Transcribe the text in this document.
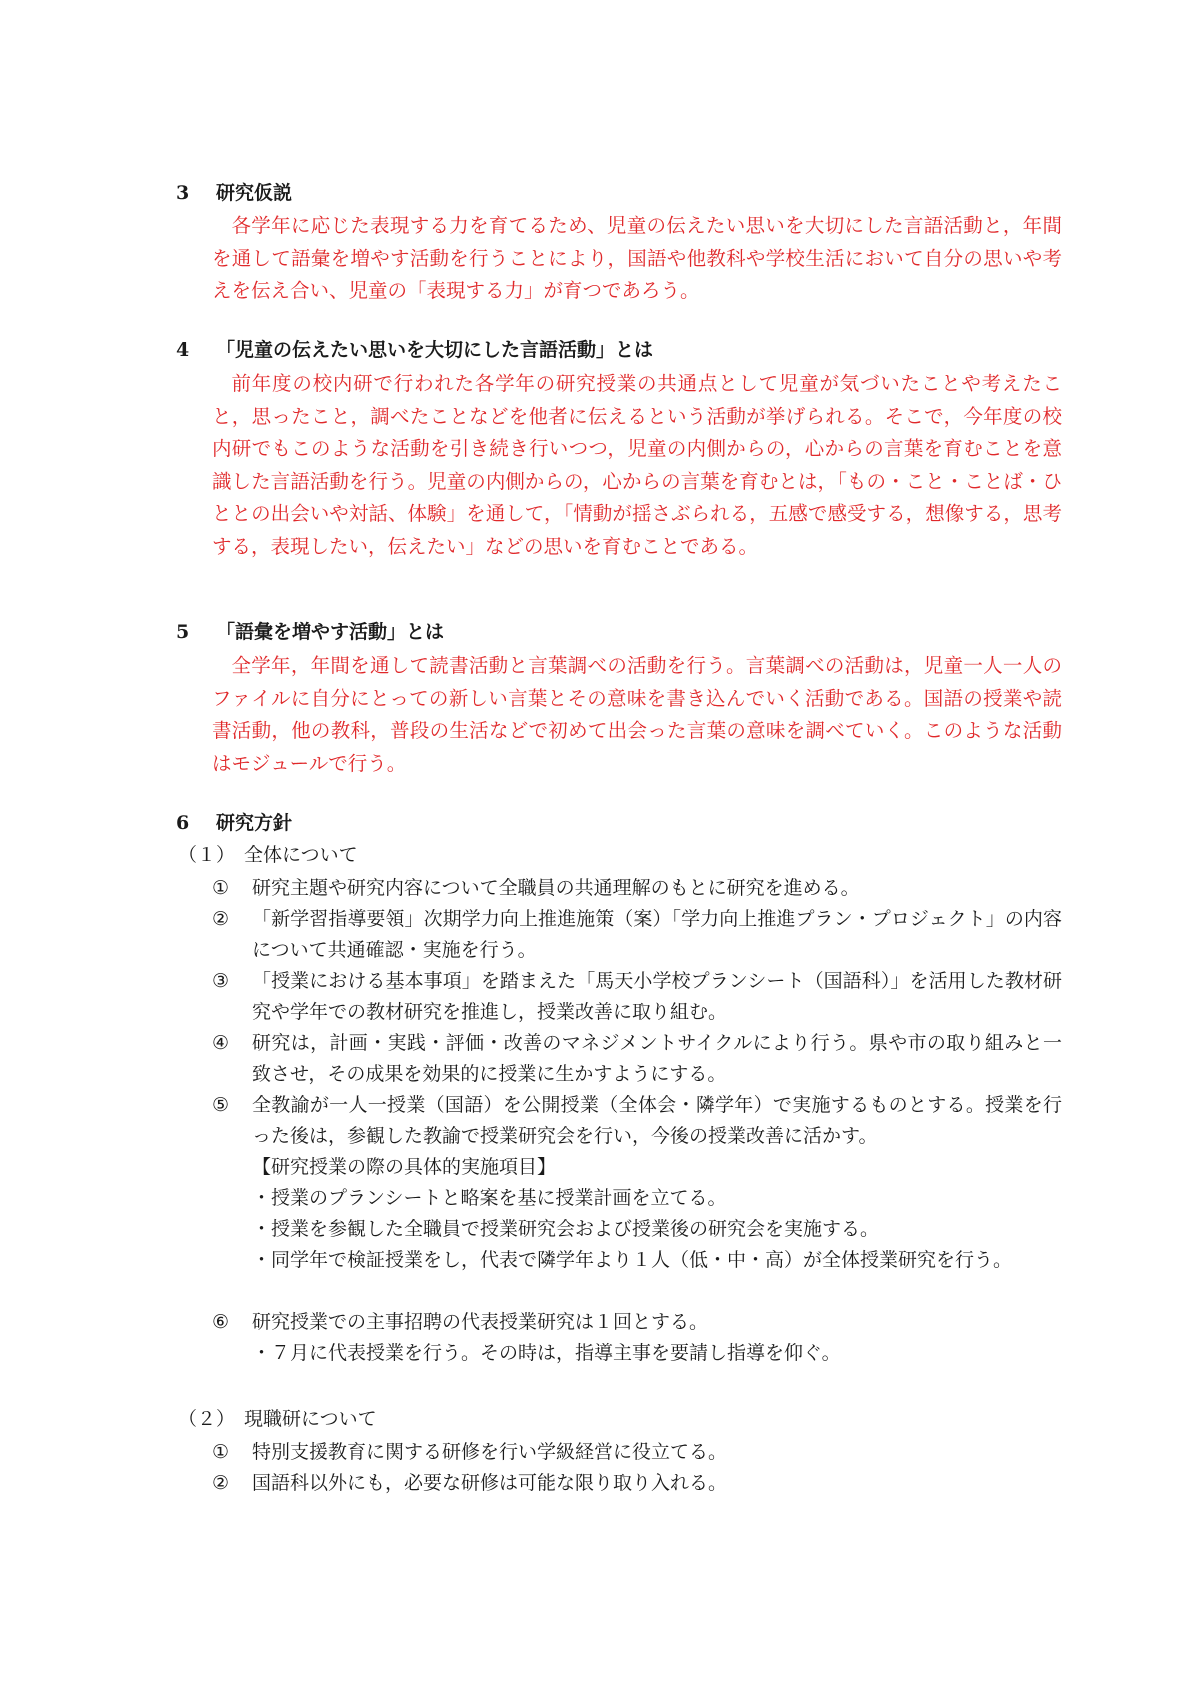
3 研究仮説
各学年に応じた表現する力を育てるため、児童の伝えたい思いを大切にした言語活動と，年間を通して語彙を増やす活動を行うことにより，国語や他教科や学校生活において自分の思いや考えを伝え合い、児童の「表現する力」が育つであろう。
4 「児童の伝えたい思いを大切にした言語活動」とは
前年度の校内研で行われた各学年の研究授業の共通点として児童が気づいたことや考えたこと，思ったこと，調べたことなどを他者に伝えるという活動が挙げられる。そこで，今年度の校内研でもこのような活動を引き続き行いつつ，児童の内側からの，心からの言葉を育むことを意識した言語活動を行う。児童の内側からの，心からの言葉を育むとは，「もの・こと・ことば・ひととの出会いや対話、体験」を通して，「情動が揺さぶられる，五感で感受する，想像する，思考する，表現したい，伝えたい」などの思いを育むことである。
5 「語彙を増やす活動」とは
全学年，年間を通して読書活動と言葉調べの活動を行う。言葉調べの活動は，児童一人一人のファイルに自分にとっての新しい言葉とその意味を書き込んでいく活動である。国語の授業や読書活動，他の教科，普段の生活などで初めて出会った言葉の意味を調べていく。このような活動はモジュールで行う。
6 研究方針
（１） 全体について
①	研究主題や研究内容について全職員の共通理解のもとに研究を進める。
②	「新学習指導要領」次期学力向上推進施策（案）「学力向上推進プラン・プロジェクト」の内容について共通確認・実施を行う。
③	「授業における基本事項」を踏まえた「馬天小学校プランシート（国語科）」を活用した教材研究や学年での教材研究を推進し，授業改善に取り組む。
④	研究は，計画・実践・評価・改善のマネジメントサイクルにより行う。県や市の取り組みと一致させ，その成果を効果的に授業に生かすようにする。
⑤	全教諭が一人一授業（国語）を公開授業（全体会・隣学年）で実施するものとする。授業を行った後は，参観した教諭で授業研究会を行い，今後の授業改善に活かす。
【研究授業の際の具体的実施項目】
・授業のプランシートと略案を基に授業計画を立てる。
・授業を参観した全職員で授業研究会および授業後の研究会を実施する。
・同学年で検証授業をし，代表で隣学年より１人（低・中・高）が全体授業研究を行う。
⑥	研究授業での主事招聘の代表授業研究は１回とする。
・７月に代表授業を行う。その時は，指導主事を要請し指導を仰ぐ。
（２） 現職研について
①	特別支援教育に関する研修を行い学級経営に役立てる。
②	国語科以外にも，必要な研修は可能な限り取り入れる。
